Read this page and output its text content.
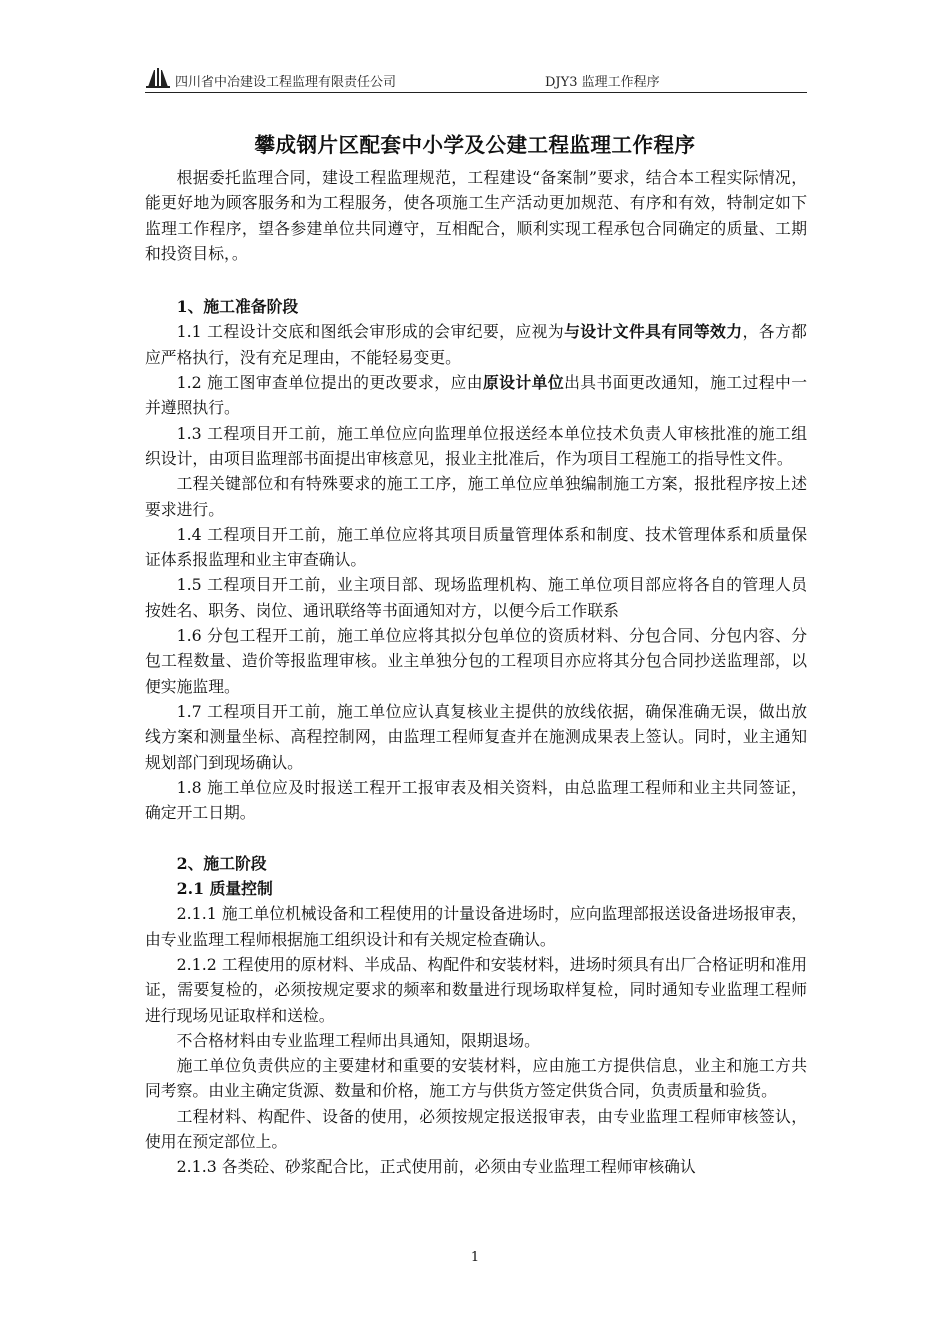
四川省中冶建设工程监理有限责任公司	DJY3 监理工作程序
攀成钢片区配套中小学及公建工程监理工作程序

根据委托监理合同，建设工程监理规范，工程建设“备案制”要求，结合本工程实际情况，能更好地为顾客服务和为工程服务，使各项施工生产活动更加规范、有序和有效，特制定如下监理工作程序，望各参建单位共同遵守，互相配合，顺利实现工程承包合同确定的质量、工期和投资目标，。

1、施工准备阶段

1.1 工程设计交底和图纸会审形成的会审纪要，应视为与设计文件具有同等效力，各方都应严格执行，没有充足理由，不能轻易变更。

1.2 施工图审查单位提出的更改要求，应由原设计单位出具书面更改通知，施工过程中一并遵照执行。

1.3 工程项目开工前，施工单位应向监理单位报送经本单位技术负责人审核批准的施工组织设计，由项目监理部书面提出审核意见，报业主批准后，作为项目工程施工的指导性文件。

工程关键部位和有特殊要求的施工工序，施工单位应单独编制施工方案，报批程序按上述要求进行。

1.4 工程项目开工前，施工单位应将其项目质量管理体系和制度、技术管理体系和质量保证体系报监理和业主审查确认。

1.5 工程项目开工前，业主项目部、现场监理机构、施工单位项目部应将各自的管理人员按姓名、职务、岗位、通讯联络等书面通知对方，以便今后工作联系

1.6 分包工程开工前，施工单位应将其拟分包单位的资质材料、分包合同、分包内容、分包工程数量、造价等报监理审核。业主单独分包的工程项目亦应将其分包合同抄送监理部，以便实施监理。

1.7 工程项目开工前，施工单位应认真复核业主提供的放线依据，确保准确无误，做出放线方案和测量坐标、高程控制网，由监理工程师复查并在施测成果表上签认。同时，业主通知规划部门到现场确认。

1.8 施工单位应及时报送工程开工报审表及相关资料，由总监理工程师和业主共同签证，确定开工日期。

2、施工阶段
2.1 质量控制

2.1.1 施工单位机械设备和工程使用的计量设备进场时，应向监理部报送设备进场报审表，由专业监理工程师根据施工组织设计和有关规定检查确认。

2.1.2 工程使用的原材料、半成品、构配件和安装材料，进场时须具有出厂合格证明和准用证，需要复检的，必须按规定要求的频率和数量进行现场取样复检，同时通知专业监理工程师进行现场见证取样和送检。

不合格材料由专业监理工程师出具通知，限期退场。

施工单位负责供应的主要建材和重要的安装材料，应由施工方提供信息，业主和施工方共同考察。由业主确定货源、数量和价格，施工方与供货方签定供货合同，负责质量和验货。

工程材料、构配件、设备的使用，必须按规定报送报审表，由专业监理工程师审核签认，使用在预定部位上。

2.1.3 各类砼、砂浆配合比，正式使用前，必须由专业监理工程师审核确认

1
